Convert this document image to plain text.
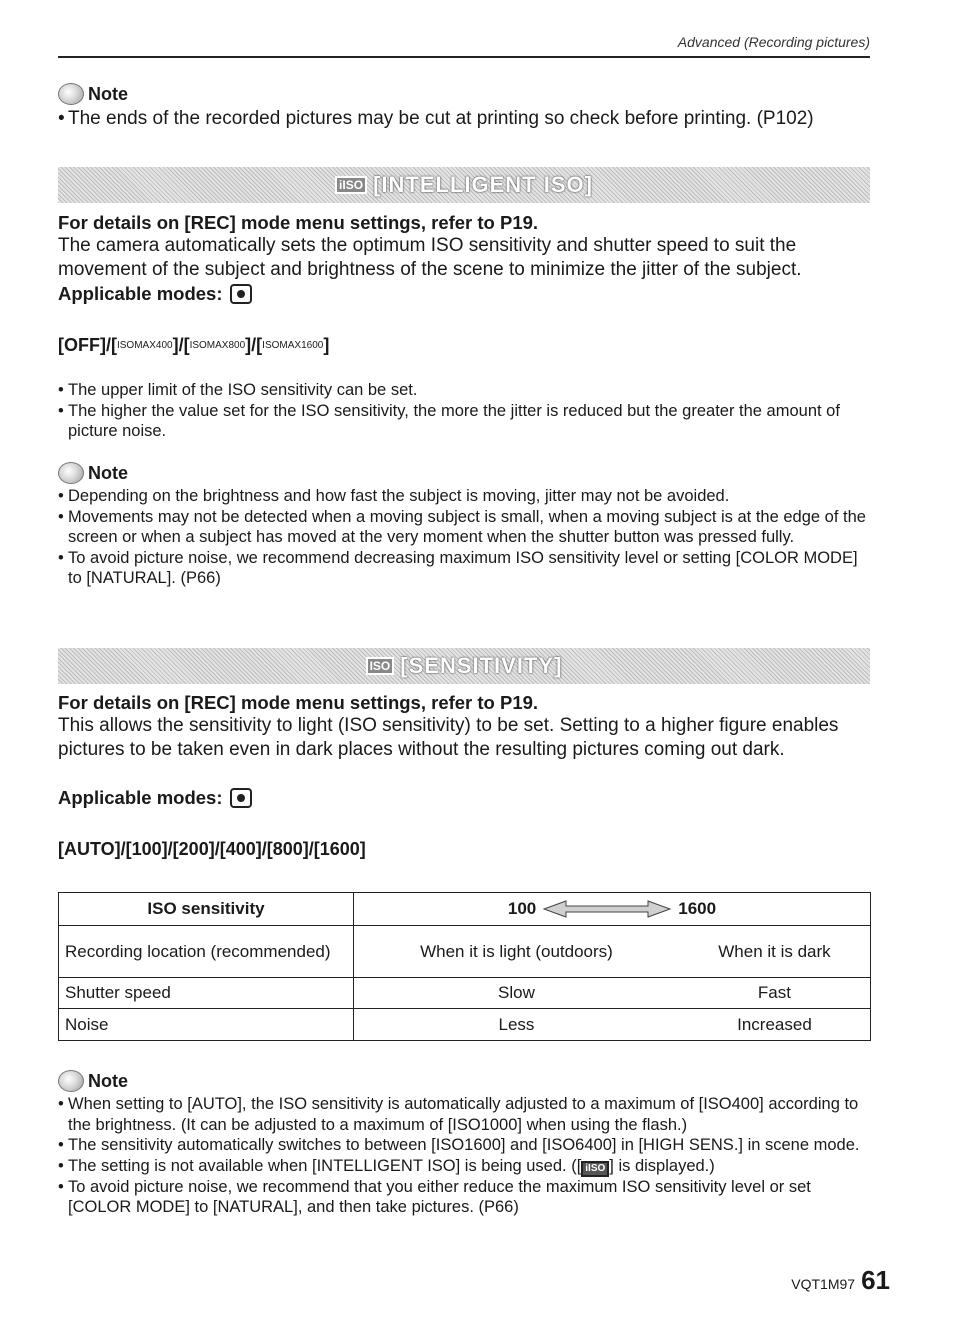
Advanced (Recording pictures)
Note
• The ends of the recorded pictures may be cut at printing so check before printing. (P102)
iISO [INTELLIGENT ISO]
For details on [REC] mode menu settings, refer to P19.
The camera automatically sets the optimum ISO sensitivity and shutter speed to suit the movement of the subject and brightness of the scene to minimize the jitter of the subject.
Applicable modes:
[OFF]/[$^{ISOMAX400}$]/[$^{ISOMAX800}$]/[$^{ISOMAX1600}$]
• The upper limit of the ISO sensitivity can be set.
• The higher the value set for the ISO sensitivity, the more the jitter is reduced but the greater the amount of picture noise.
Note
• Depending on the brightness and how fast the subject is moving, jitter may not be avoided.
• Movements may not be detected when a moving subject is small, when a moving subject is at the edge of the screen or when a subject has moved at the very moment when the shutter button was pressed fully.
• To avoid picture noise, we recommend decreasing maximum ISO sensitivity level or setting [COLOR MODE] to [NATURAL]. (P66)
ISO [SENSITIVITY]
For details on [REC] mode menu settings, refer to P19.
This allows the sensitivity to light (ISO sensitivity) to be set. Setting to a higher figure enables pictures to be taken even in dark places without the resulting pictures coming out dark.
Applicable modes:
[AUTO]/[100]/[200]/[400]/[800]/[1600]
ISO sensitivity	100 1600	

Recording location (recommended)	When it is light (outdoors)	When it is dark
Shutter speed	Slow	Fast
Noise	Less	Increased
Note
• When setting to [AUTO], the ISO sensitivity is automatically adjusted to a maximum of [ISO400] according to the brightness. (It can be adjusted to a maximum of [ISO1000] when using the flash.)
• The sensitivity automatically switches to between [ISO1600] and [ISO6400] in [HIGH SENS.] in scene mode.
• The setting is not available when [INTELLIGENT ISO] is being used. ([ iISO ] is displayed.)
• To avoid picture noise, we recommend that you either reduce the maximum ISO sensitivity level or set [COLOR MODE] to [NATURAL], and then take pictures. (P66)
VQT1M97 61
